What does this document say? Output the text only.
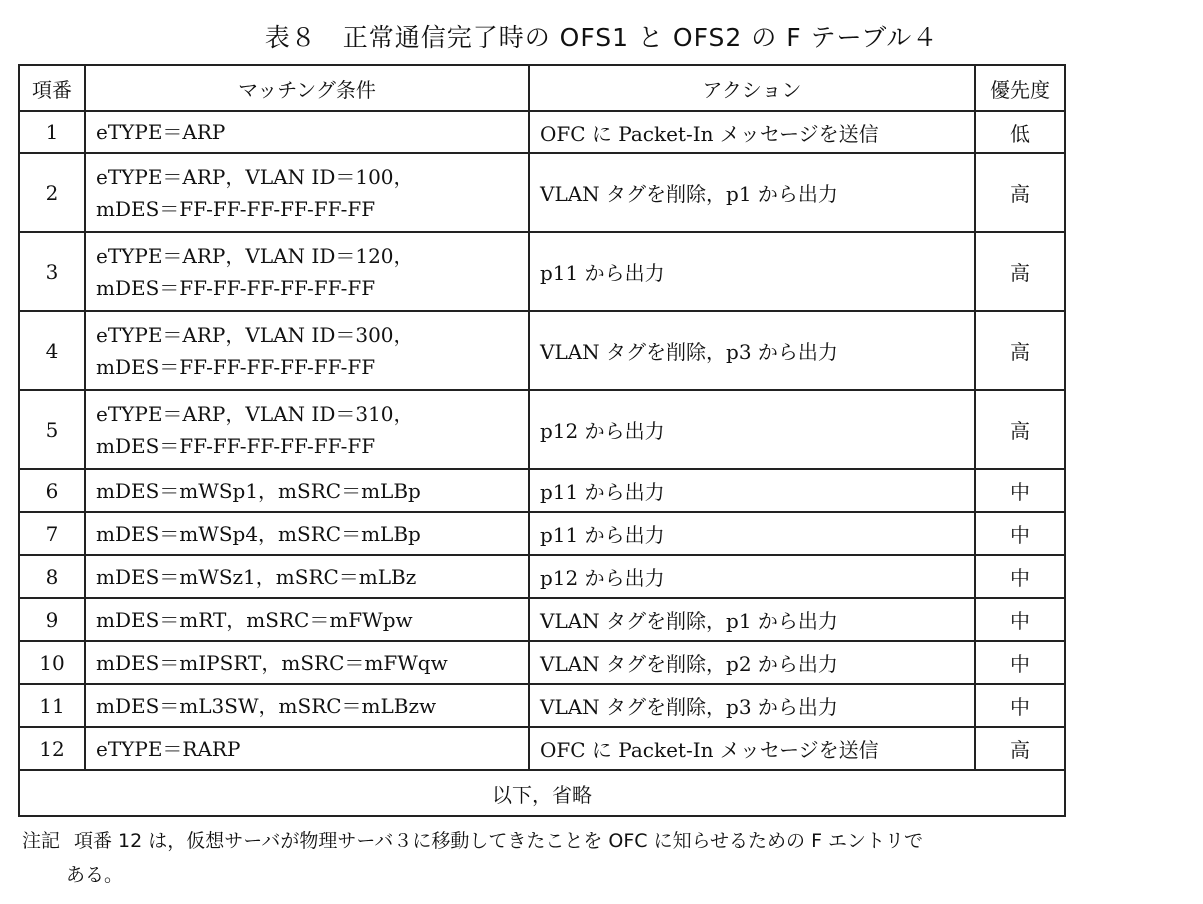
表８　正常通信完了時の OFS1 と OFS2 の F テーブル４
項番	マッチング条件	アクション	優先度
1	eTYPE＝ARP	OFC に Packet-In メッセージを送信	低
2	eTYPE＝ARP，VLAN ID＝100，
mDES＝FF-FF-FF-FF-FF-FF	VLAN タグを削除，p1 から出力	高
3	eTYPE＝ARP，VLAN ID＝120，
mDES＝FF-FF-FF-FF-FF-FF	p11 から出力	高
4	eTYPE＝ARP，VLAN ID＝300，
mDES＝FF-FF-FF-FF-FF-FF	VLAN タグを削除，p3 から出力	高
5	eTYPE＝ARP，VLAN ID＝310，
mDES＝FF-FF-FF-FF-FF-FF	p12 から出力	高
6	mDES＝mWSp1，mSRC＝mLBp	p11 から出力	中
7	mDES＝mWSp4，mSRC＝mLBp	p11 から出力	中
8	mDES＝mWSz1，mSRC＝mLBz	p12 から出力	中
9	mDES＝mRT，mSRC＝mFWpw	VLAN タグを削除，p1 から出力	中
10	mDES＝mIPSRT，mSRC＝mFWqw	VLAN タグを削除，p2 から出力	中
11	mDES＝mL3SW，mSRC＝mLBzw	VLAN タグを削除，p3 から出力	中
12	eTYPE＝RARP	OFC に Packet-In メッセージを送信	高
以下，省略			
注記 項番 12 は，仮想サーバが物理サーバ３に移動してきたことを OFC に知らせるための F エントリで
ある。
